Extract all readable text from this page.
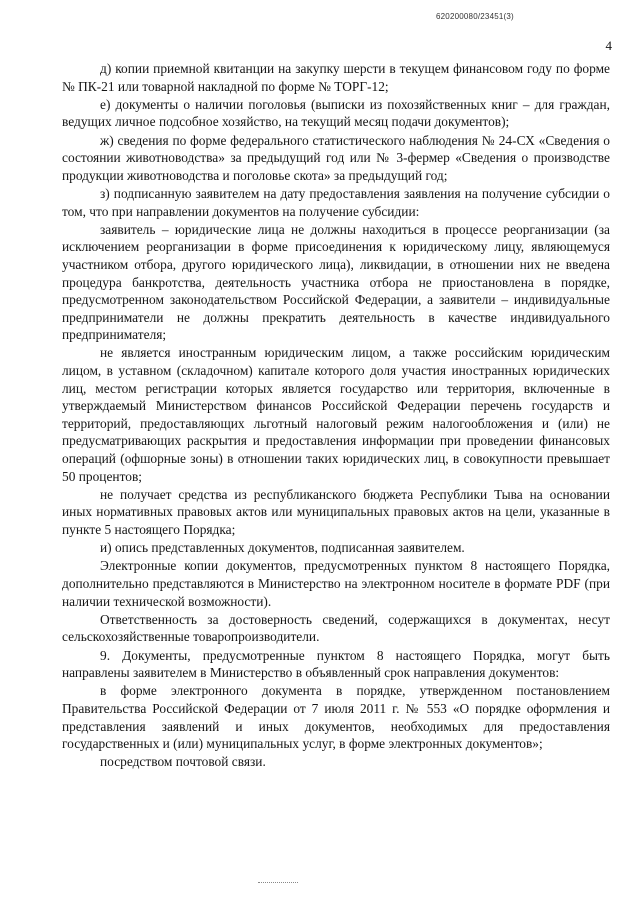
620200080/23451(3)
4

д) копии приемной квитанции на закупку шерсти в текущем финансовом году по форме № ПК-21 или товарной накладной по форме № ТОРГ-12;

е) документы о наличии поголовья (выписки из похозяйственных книг – для граждан, ведущих личное подсобное хозяйство, на текущий месяц подачи документов);

ж) сведения по форме федерального статистического наблюдения № 24-СХ «Сведения о состоянии животноводства» за предыдущий год или № 3-фермер «Сведения о производстве продукции животноводства и поголовье скота» за предыдущий год;

з) подписанную заявителем на дату предоставления заявления на получение субсидии о том, что при направлении документов на получение субсидии:

заявитель – юридические лица не должны находиться в процессе реорганизации (за исключением реорганизации в форме присоединения к юридическому лицу, являющемуся участником отбора, другого юридического лица), ликвидации, в отношении них не введена процедура банкротства, деятельность участника отбора не приостановлена в порядке, предусмотренном законодательством Российской Федерации, а заявители – индивидуальные предприниматели не должны прекратить деятельность в качестве индивидуального предпринимателя;

не является иностранным юридическим лицом, а также российским юридическим лицом, в уставном (складочном) капитале которого доля участия иностранных юридических лиц, местом регистрации которых является государство или территория, включенные в утверждаемый Министерством финансов Российской Федерации перечень государств и территорий, предоставляющих льготный налоговый режим налогообложения и (или) не предусматривающих раскрытия и предоставления информации при проведении финансовых операций (офшорные зоны) в отношении таких юридических лиц, в совокупности превышает 50 процентов;

не получает средства из республиканского бюджета Республики Тыва на основании иных нормативных правовых актов или муниципальных правовых актов на цели, указанные в пункте 5 настоящего Порядка;

и) опись представленных документов, подписанная заявителем.

Электронные копии документов, предусмотренных пунктом 8 настоящего Порядка, дополнительно представляются в Министерство на электронном носителе в формате PDF (при наличии технической возможности).

Ответственность за достоверность сведений, содержащихся в документах, несут сельскохозяйственные товаропроизводители.

9. Документы, предусмотренные пунктом 8 настоящего Порядка, могут быть направлены заявителем в Министерство в объявленный срок направления документов:

в форме электронного документа в порядке, утвержденном постановлением Правительства Российской Федерации от 7 июля 2011 г. № 553 «О порядке оформления и представления заявлений и иных документов, необходимых для предоставления государственных и (или) муниципальных услуг, в форме электронных документов»;

посредством почтовой связи.
